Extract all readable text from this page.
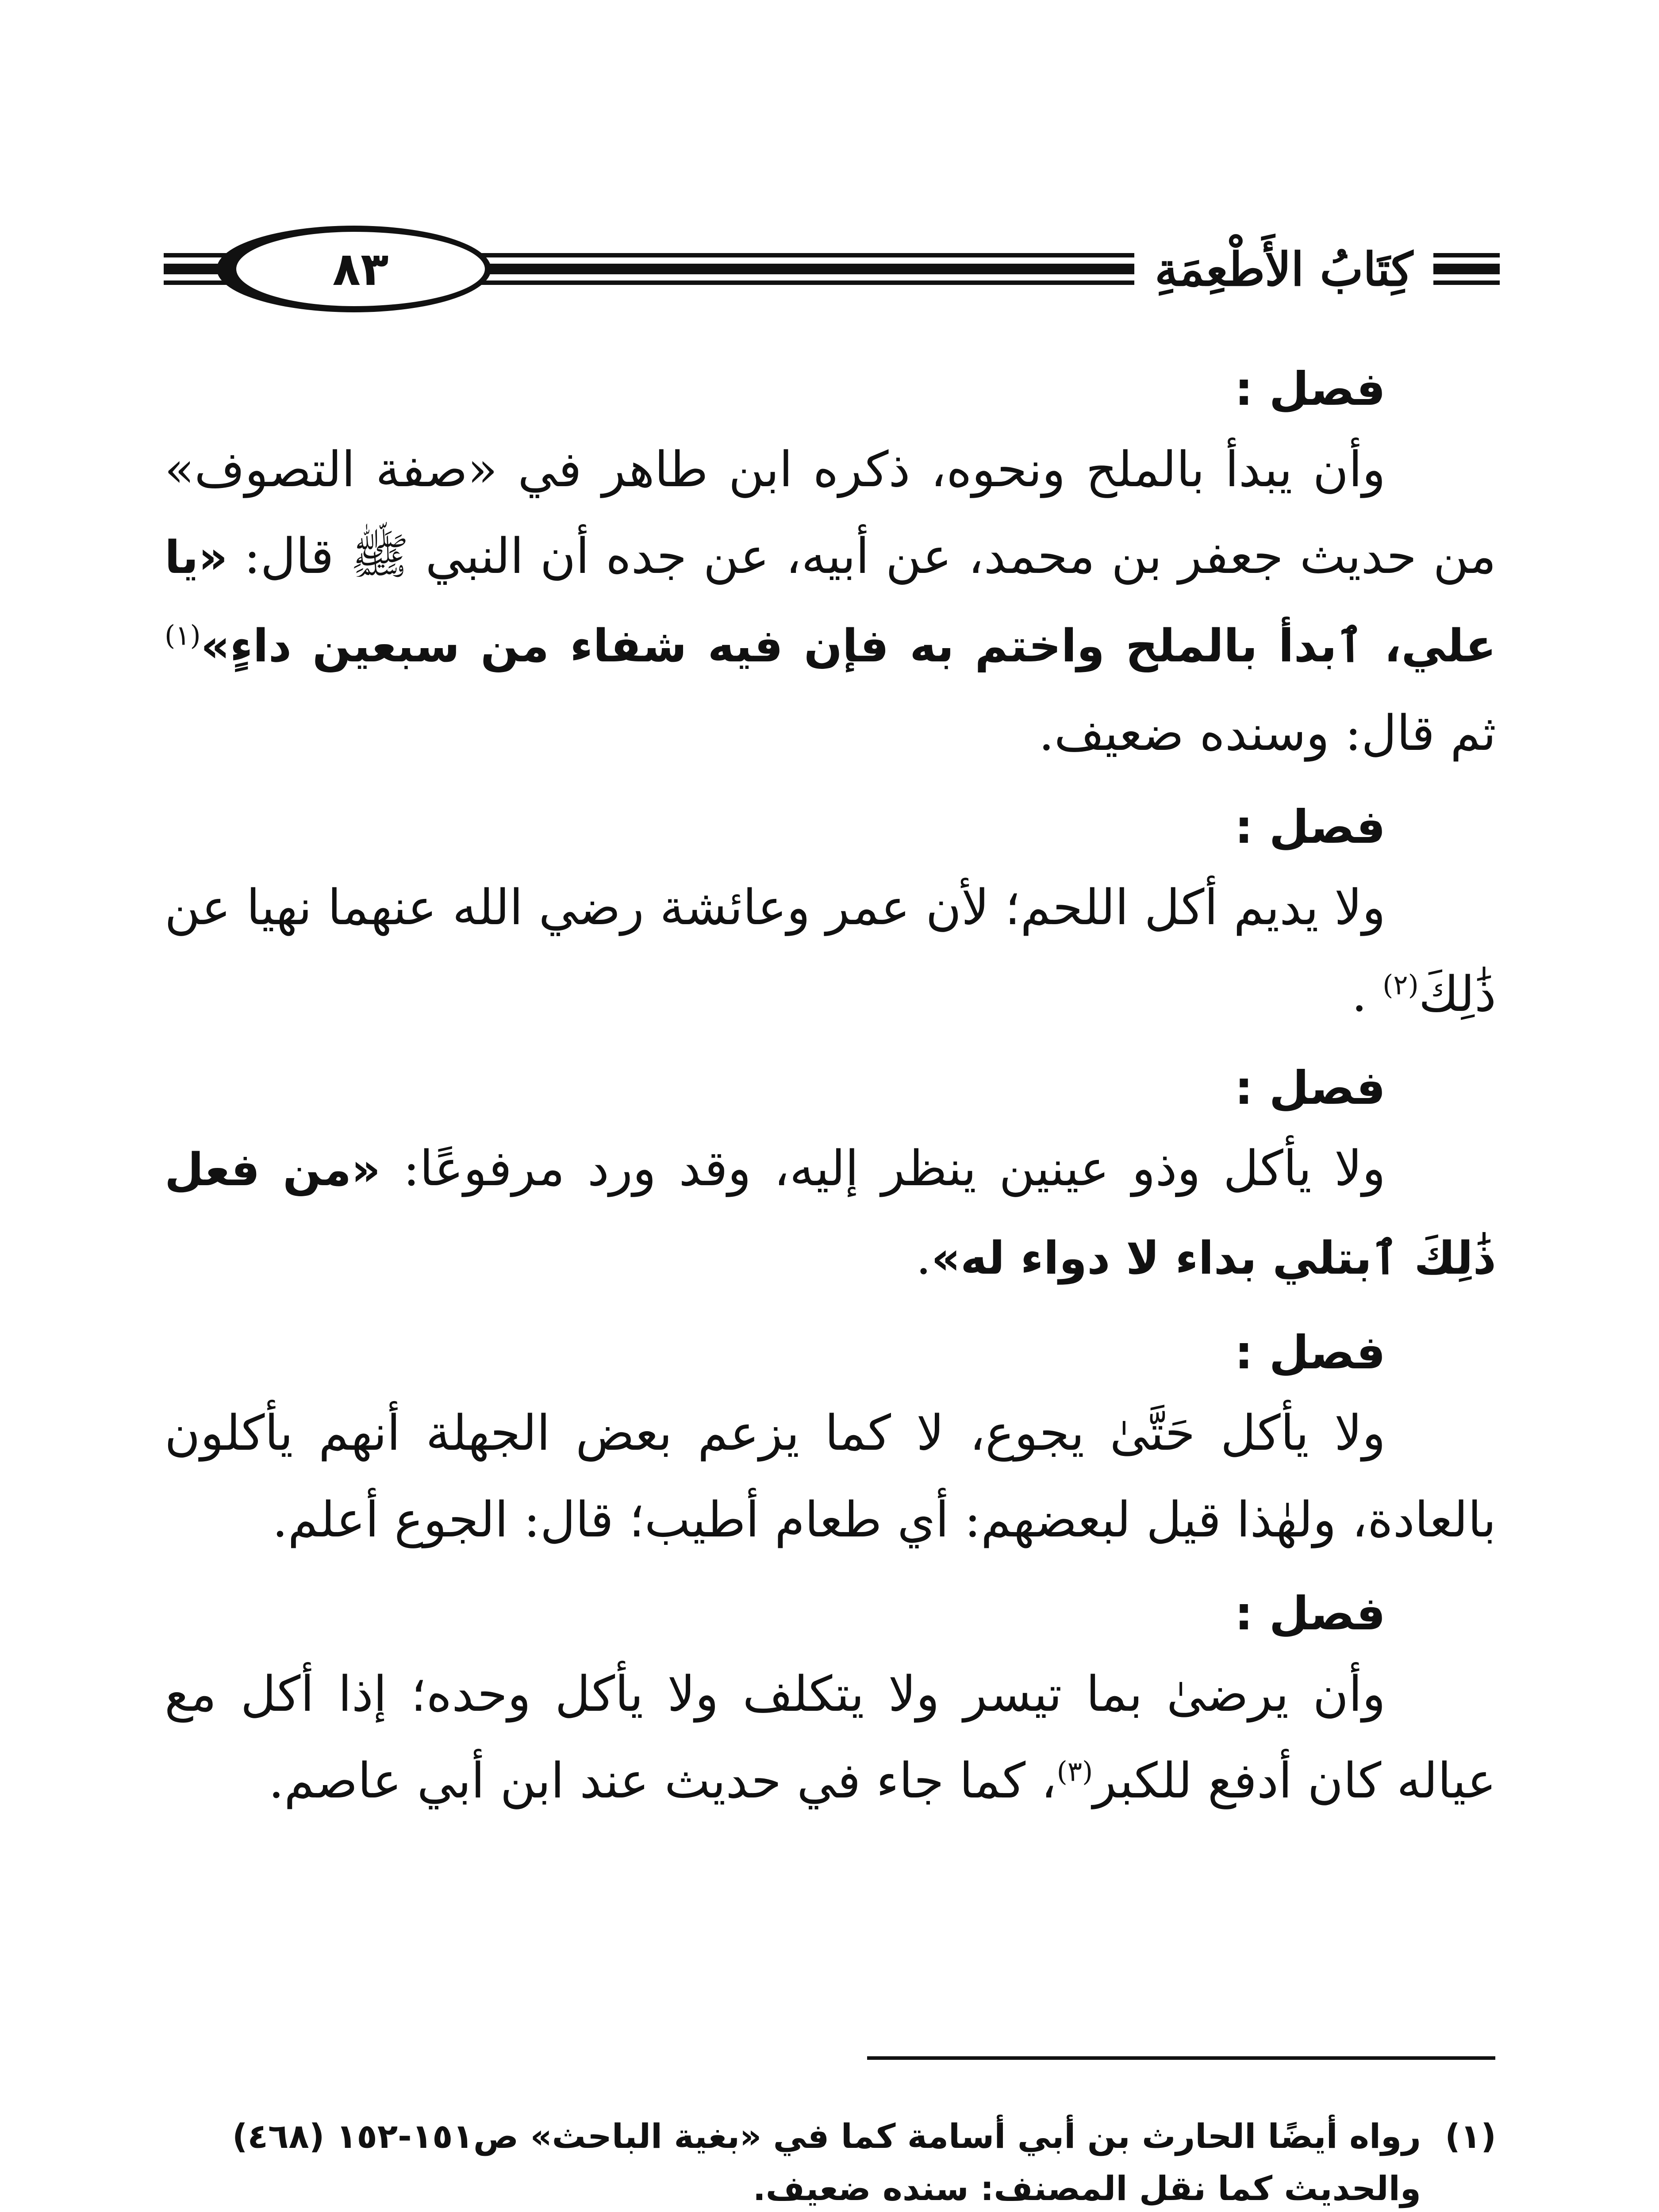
٨٣	كِتَابُ الأَطْعِمَةِ
فصل :

وأن يبدأ بالملح ونحوه، ذكره ابن طاهر في «صفة التصوف» من حديث جعفر بن محمد، عن أبيه، عن جده أن النبي ﷺ قال: «يا علي، ٱبدأ بالملح واختم به فإن فيه شفاء من سبعين داءٍ»$^{(١)}$ ثم قال: وسنده ضعيف.

فصل :

ولا يديم أكل اللحم؛ لأن عمر وعائشة رضي الله عنهما نهيا عن ذَٰلِكَ$^{(٢)}$ .

فصل :

ولا يأكل وذو عينين ينظر إليه، وقد ورد مرفوعًا: «من فعل ذَٰلِكَ ٱبتلي بداء لا دواء له».

فصل :

ولا يأكل حَتَّىٰ يجوع، لا كما يزعم بعض الجهلة أنهم يأكلون بالعادة، ولهٰذا قيل لبعضهم: أي طعام أطيب؛ قال: الجوع أعلم.

فصل :

وأن يرضىٰ بما تيسر ولا يتكلف ولا يأكل وحده؛ إذا أكل مع عياله كان أدفع للكبر$^{(٣)}$، كما جاء في حديث عند ابن أبي عاصم.

(١)
رواه أيضًا الحارث بن أبي أسامة كما في «بغية الباحث» ص١٥١-١٥٢ (٤٦٨) والحديث كما نقل المصنف: سنده ضعيف.
